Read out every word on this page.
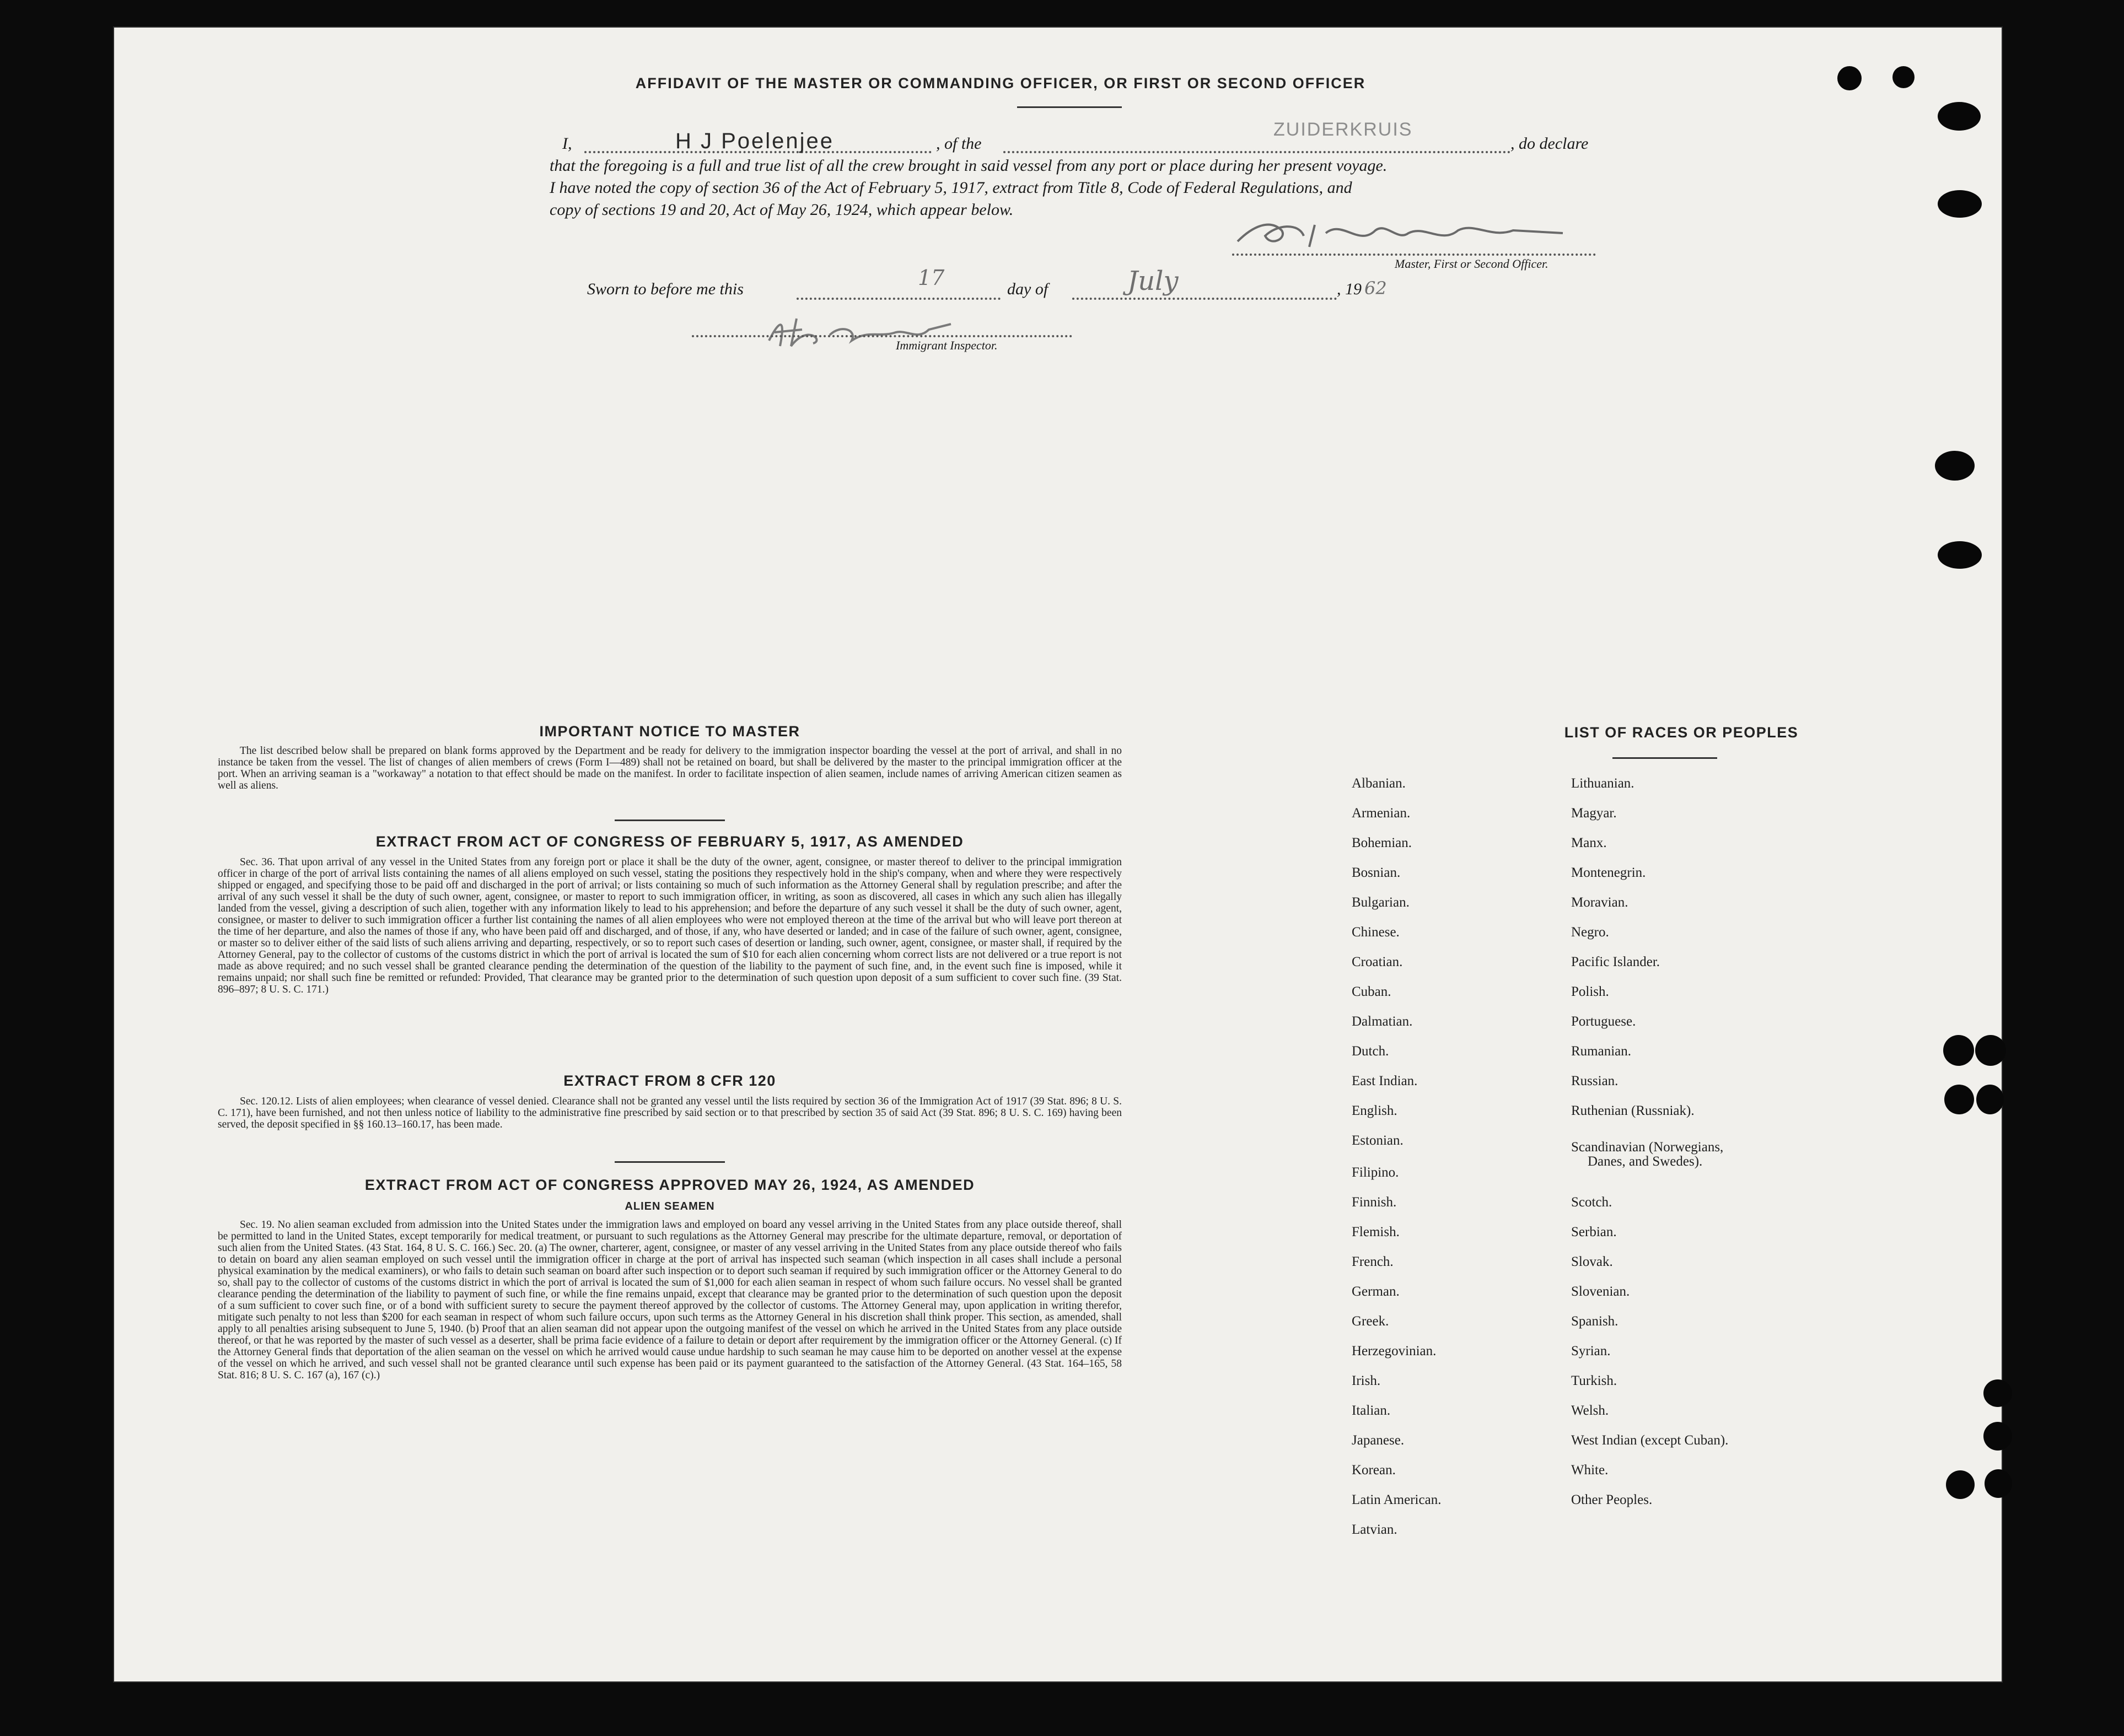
AFFIDAVIT OF THE MASTER OR COMMANDING OFFICER, OR FIRST OR SECOND OFFICER
I,	H J Poelenjee	, of the
ZUIDERKRUIS
, do declare
that the foregoing is a full and true list of all the crew brought in said vessel from any port or place during her present voyage.
I have noted the copy of section 36 of the Act of February 5, 1917, extract from Title 8, Code of Federal Regulations, and
copy of sections 19 and 20, Act of May 26, 1924, which appear below.
Master, First or Second Officer.
Sworn to before me this	17	day of	July	, 19 62
Immigrant Inspector.
IMPORTANT NOTICE TO MASTER
The list described below shall be prepared on blank forms approved by the Department and be ready for delivery to the immigration inspector boarding the vessel at the port of arrival, and shall in no instance be taken from the vessel. The list of changes of alien members of crews (Form I—489) shall not be retained on board, but shall be delivered by the master to the principal immigration officer at the port. When an arriving seaman is a "workaway" a notation to that effect should be made on the manifest. In order to facilitate inspection of alien seamen, include names of arriving American citizen seamen as well as aliens.
EXTRACT FROM ACT OF CONGRESS OF FEBRUARY 5, 1917, AS AMENDED
Sec. 36. That upon arrival of any vessel in the United States from any foreign port or place it shall be the duty of the owner, agent, consignee, or master thereof to deliver to the principal immigration officer in charge of the port of arrival lists containing the names of all aliens employed on such vessel, stating the positions they respectively hold in the ship's company, when and where they were respectively shipped or engaged, and specifying those to be paid off and discharged in the port of arrival; or lists containing so much of such information as the Attorney General shall by regulation prescribe; and after the arrival of any such vessel it shall be the duty of such owner, agent, consignee, or master to report to such immigration officer, in writing, as soon as discovered, all cases in which any such alien has illegally landed from the vessel, giving a description of such alien, together with any information likely to lead to his apprehension; and before the departure of any such vessel it shall be the duty of such owner, agent, consignee, or master to deliver to such immigration officer a further list containing the names of all alien employees who were not employed thereon at the time of the arrival but who will leave port thereon at the time of her departure, and also the names of those if any, who have been paid off and discharged, and of those, if any, who have deserted or landed; and in case of the failure of such owner, agent, consignee, or master so to deliver either of the said lists of such aliens arriving and departing, respectively, or so to report such cases of desertion or landing, such owner, agent, consignee, or master shall, if required by the Attorney General, pay to the collector of customs of the customs district in which the port of arrival is located the sum of $10 for each alien concerning whom correct lists are not delivered or a true report is not made as above required; and no such vessel shall be granted clearance pending the determination of the question of the liability to the payment of such fine, and, in the event such fine is imposed, while it remains unpaid; nor shall such fine be remitted or refunded: Provided, That clearance may be granted prior to the determination of such question upon deposit of a sum sufficient to cover such fine. (39 Stat. 896–897; 8 U. S. C. 171.)
EXTRACT FROM 8 CFR 120
Sec. 120.12. Lists of alien employees; when clearance of vessel denied. Clearance shall not be granted any vessel until the lists required by section 36 of the Immigration Act of 1917 (39 Stat. 896; 8 U. S. C. 171), have been furnished, and not then unless notice of liability to the administrative fine prescribed by said section or to that prescribed by section 35 of said Act (39 Stat. 896; 8 U. S. C. 169) having been served, the deposit specified in §§ 160.13–160.17, has been made.
EXTRACT FROM ACT OF CONGRESS APPROVED MAY 26, 1924, AS AMENDED
ALIEN SEAMEN
Sec. 19. No alien seaman excluded from admission into the United States under the immigration laws and employed on board any vessel arriving in the United States from any place outside thereof, shall be permitted to land in the United States, except temporarily for medical treatment, or pursuant to such regulations as the Attorney General may prescribe for the ultimate departure, removal, or deportation of such alien from the United States. (43 Stat. 164, 8 U. S. C. 166.) Sec. 20. (a) The owner, charterer, agent, consignee, or master of any vessel arriving in the United States from any place outside thereof who fails to detain on board any alien seaman employed on such vessel until the immigration officer in charge at the port of arrival has inspected such seaman (which inspection in all cases shall include a personal physical examination by the medical examiners), or who fails to detain such seaman on board after such inspection or to deport such seaman if required by such immigration officer or the Attorney General to do so, shall pay to the collector of customs of the customs district in which the port of arrival is located the sum of $1,000 for each alien seaman in respect of whom such failure occurs. No vessel shall be granted clearance pending the determination of the liability to payment of such fine, or while the fine remains unpaid, except that clearance may be granted prior to the determination of such question upon the deposit of a sum sufficient to cover such fine, or of a bond with sufficient surety to secure the payment thereof approved by the collector of customs. The Attorney General may, upon application in writing therefor, mitigate such penalty to not less than $200 for each seaman in respect of whom such failure occurs, upon such terms as the Attorney General in his discretion shall think proper. This section, as amended, shall apply to all penalties arising subsequent to June 5, 1940. (b) Proof that an alien seaman did not appear upon the outgoing manifest of the vessel on which he arrived in the United States from any place outside thereof, or that he was reported by the master of such vessel as a deserter, shall be prima facie evidence of a failure to detain or deport after requirement by the immigration officer or the Attorney General. (c) If the Attorney General finds that deportation of the alien seaman on the vessel on which he arrived would cause undue hardship to such seaman he may cause him to be deported on another vessel at the expense of the vessel on which he arrived, and such vessel shall not be granted clearance until such expense has been paid or its payment guaranteed to the satisfaction of the Attorney General. (43 Stat. 164–165, 58 Stat. 816; 8 U. S. C. 167 (a), 167 (c).)
LIST OF RACES OR PEOPLES
Albanian.
Armenian.
Bohemian.
Bosnian.
Bulgarian.
Chinese.
Croatian.
Cuban.
Dalmatian.
Dutch.
East Indian.
English.
Estonian.
Filipino.
Finnish.
Flemish.
French.
German.
Greek.
Herzegovinian.
Irish.
Italian.
Japanese.
Korean.
Latin American.
Latvian.
Lithuanian.
Magyar.
Manx.
Montenegrin.
Moravian.
Negro.
Pacific Islander.
Polish.
Portuguese.
Rumanian.
Russian.
Ruthenian (Russniak).
Scandinavian (Norwegians,
Danes, and Swedes).
Scotch.
Serbian.
Slovak.
Slovenian.
Spanish.
Syrian.
Turkish.
Welsh.
West Indian (except Cuban).
White.
Other Peoples.
